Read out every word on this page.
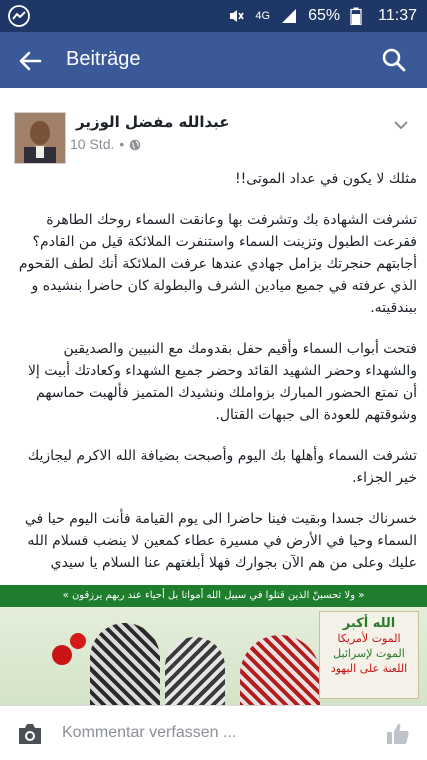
4G 65% 11:37
Beiträge
عبدالله مفضل الوزير
10 Std. •

مثلك لا يكون في عداد الموتى!!

تشرفت الشهادة بك وتشرفت بها وعانقت السماء روحك الطاهرة فقرعت الطبول وتزينت السماء واستنفرت الملائكة قيل من القادم؟ أجابتهم حنجرتك بزامل جهادي عندها عرفت الملائكة أنك لطف القحوم الذي عرفته في جميع ميادين الشرف والبطولة كان حاضرا بنشيده و ببندقيته.

فتحت أبواب السماء وأقيم حفل بقدومك مع النبيين والصديقين والشهداء وحضر الشهيد القائد وحضر جميع الشهداء وكعادتك أبيت إلا أن تمتع الحضور المبارك بزواملك ونشيدك المتميز فألهبت حماسهم وشوقتهم للعودة الى جبهات القتال.

تشرفت السماء وأهلها بك اليوم وأصبحت بضيافة الله الاكرم ليجازيك خير الجزاء.

خسرناك جسدا وبقيت فينا حاضرا الى يوم القيامة فأنت اليوم حيا في السماء وحيا في الأرض في مسيرة عطاء كمعين لا ينضب فسلام الله عليك وعلى من هم الآن بجوارك فهلا أبلغتهم عنا السلام يا سيدي

« ولا تحسبنّ الذين قتلوا في سبيل الله أمواتا بل أحياء عند ربهم يرزقون »
الله أكبر
الموت لأمريكا
الموت لإسرائيل
اللعنة على اليهود
Kommentar verfassen ...
